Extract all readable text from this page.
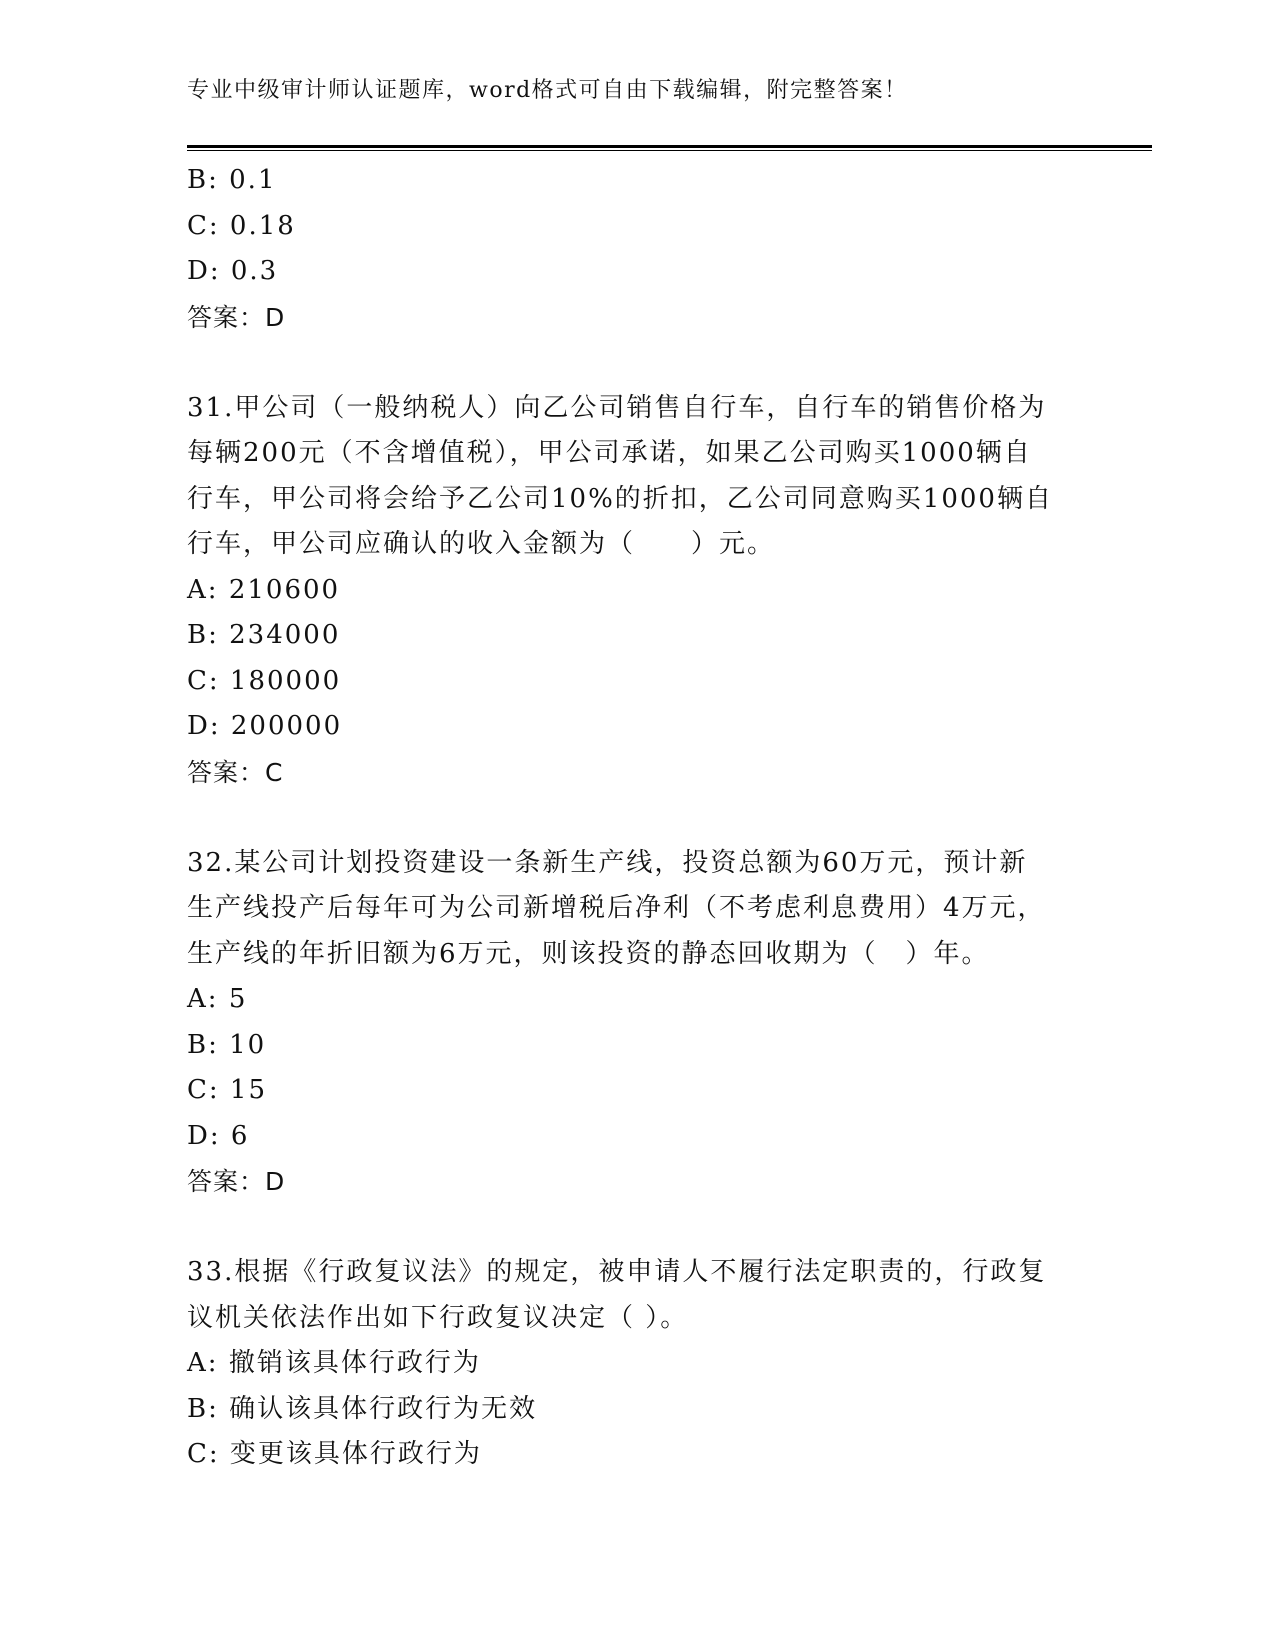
专业中级审计师认证题库，word格式可自由下载编辑，附完整答案！
B: 0.1
C: 0.18
D: 0.3
答案：D
31.甲公司（一般纳税人）向乙公司销售自行车，自行车的销售价格为
每辆200元（不含增值税），甲公司承诺，如果乙公司购买1000辆自
行车，甲公司将会给予乙公司10%的折扣，乙公司同意购买1000辆自
行车，甲公司应确认的收入金额为（　　）元。
A: 210600
B: 234000
C: 180000
D: 200000
答案：C
32.某公司计划投资建设一条新生产线，投资总额为60万元，预计新
生产线投产后每年可为公司新增税后净利（不考虑利息费用）4万元，
生产线的年折旧额为6万元，则该投资的静态回收期为（　）年。
A: 5
B: 10
C: 15
D: 6
答案：D
33.根据《行政复议法》的规定，被申请人不履行法定职责的，行政复
议机关依法作出如下行政复议决定（ ）。
A: 撤销该具体行政行为
B: 确认该具体行政行为无效
C: 变更该具体行政行为
